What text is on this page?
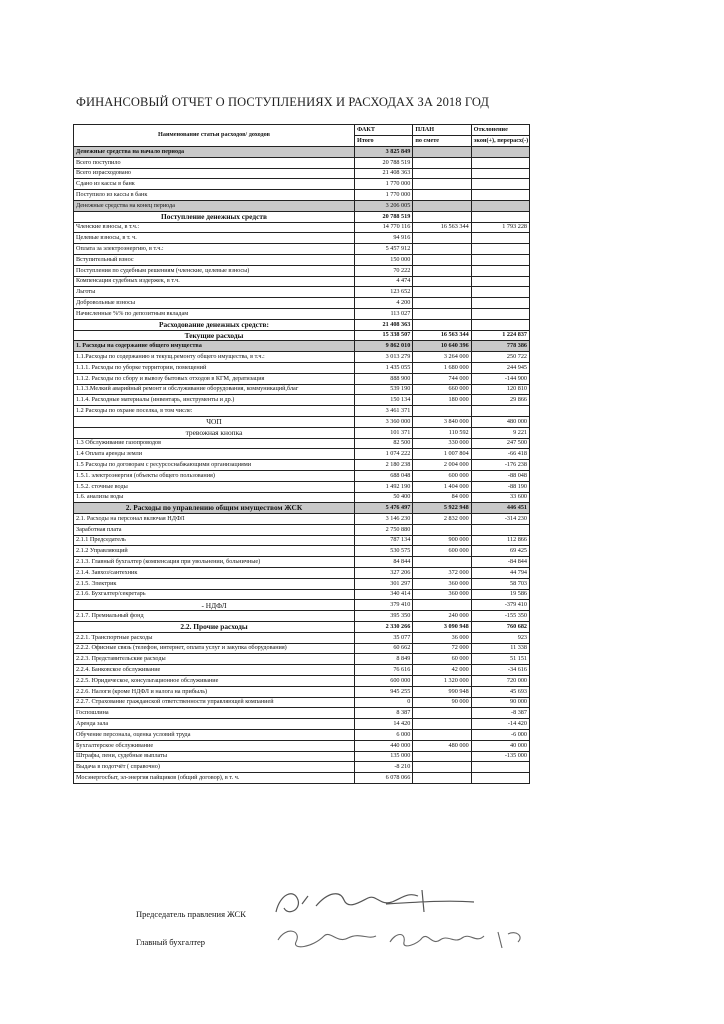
ФИНАНСОВЫЙ ОТЧЕТ О ПОСТУПЛЕНИЯХ И РАСХОДАХ ЗА 2018 ГОД
Наименование статьи расходов/ доходов	ФАКТ	ПЛАН	Отклонение
	Итого	по смете	экон(+), перерасх(-)
Денежные средства на начало периода	3 825 849		
Всего поступило	20 788 519		
Всего израсходовано	21 408 363		
Сдано из кассы в банк	1 770 000		
Поступило из кассы в банк	1 770 000		
Денежные средства на конец периода	3 206 005		
Поступление денежных средств	20 788 519		
Членские взносы, в т.ч.:	14 770 116	16 563 344	1 793 228
Целевые взносы, в т. ч.	94 916		
Оплата за электроэнергию, в т.ч.:	5 457 912		
Вступительный взнос	150 000		
Поступления по судебным решениям (членские, целевые взносы)	70 222		
Компенсация судебных издержек, в т.ч.	4 474		
Льготы	123 652		
Добровольные взносы	4 200		
Начисленные %% по депозитным вкладам	113 027		
Расходование денежных средств:	21 408 363		
Текущие расходы	15 338 507	16 563 344	1 224 837
1. Расходы на содержание общего имущества	9 862 010	10 640 396	778 386
1.1.Расходы по содержанию и текущ.ремонту общего имущества, в т.ч.:	3 013 279	3 264 000	250 722
1.1.1. Расходы по уборке территории, помещений	1 435 055	1 680 000	244 945
1.1.2. Расходы по сбору и вывозу бытовых отходов в КГМ, дератизация	888 900	744 000	-144 900
1.1.3.Мелкий аварийный ремонт и обслуживание оборудования, коммуникаций,благ	539 190	660 000	120 810
1.1.4. Расходные материалы (инвентарь, инструменты и др.)	150 134	180 000	29 866
1.2 Расходы по охране поселка, в том числе:	3 461 371		
ЧОП	3 360 000	3 840 000	480 000
тревожная кнопка	101 371	110 592	9 221
1.3 Обслуживание газопроводов	82 500	330 000	247 500
1.4 Оплата аренды земли	1 074 222	1 007 804	-66 418
1.5 Расходы по договорам с ресурсоснабжающими организациями	2 180 238	2 004 000	-176 238
1.5.1. электроэнергия (объекты общего пользования)	688 048	600 000	-88 048
1.5.2. сточные воды	1 492 190	1 404 000	-88 190
1.6. анализы воды	50 400	84 000	33 600
2. Расходы по управлению общим имуществом ЖСК	5 476 497	5 922 948	446 451
2.1. Расходы на персонал включая НДФЛ	3 146 230	2 832 000	-314 230
Заработная плата	2 750 880		
2.1.1 Председатель	787 134	900 000	112 866
2.1.2 Управляющий	530 575	600 000	69 425
2.1.3. Главный бухгалтер (компенсация при увольнении, больничные)	84 844		-84 844
2.1.4. Завхоз/сантехник	327 206	372 000	44 794
2.1.5. Электрик	301 297	360 000	58 703
2.1.6. Бухгалтер/секретарь	340 414	360 000	19 586
- НДФЛ	379 410		-379 410
2.1.7. Премиальный фонд	395 350	240 000	-155 350
2.2. Прочие расходы	2 330 266	3 090 948	760 682
2.2.1. Транспортные расходы	35 077	36 000	923
2.2.2. Офисные связь (телефон, интернет, оплата услуг и закупка оборудования)	60 662	72 000	11 338
2.2.3. Представительские расходы	8 849	60 000	51 151
2.2.4. Банковское обслуживание	76 616	42 000	-34 616
2.2.5. Юридическое, консультационное обслуживание	600 000	1 320 000	720 000
2.2.6. Налоги (кроме НДФЛ и налога на прибыль)	945 255	990 948	45 693
2.2.7. Страхование гражданской ответственности управляющей компанией	0	90 000	90 000
Госпошлина	8 387		-8 387
Аренда зала	14 420		-14 420
Обучение персонала, оценка условий труда	6 000		-6 000
Бухгалтерское обслуживание	440 000	480 000	40 000
Штрафы, пени, судебные выплаты	135 000		-135 000
Выдача в подотчёт ( справочно)	-8 210		
Мосэнергосбыт, эл-энергия пайщиков (общий договор), в т. ч.	6 078 066		
Председатель правления ЖСК
Главный бухгалтер
